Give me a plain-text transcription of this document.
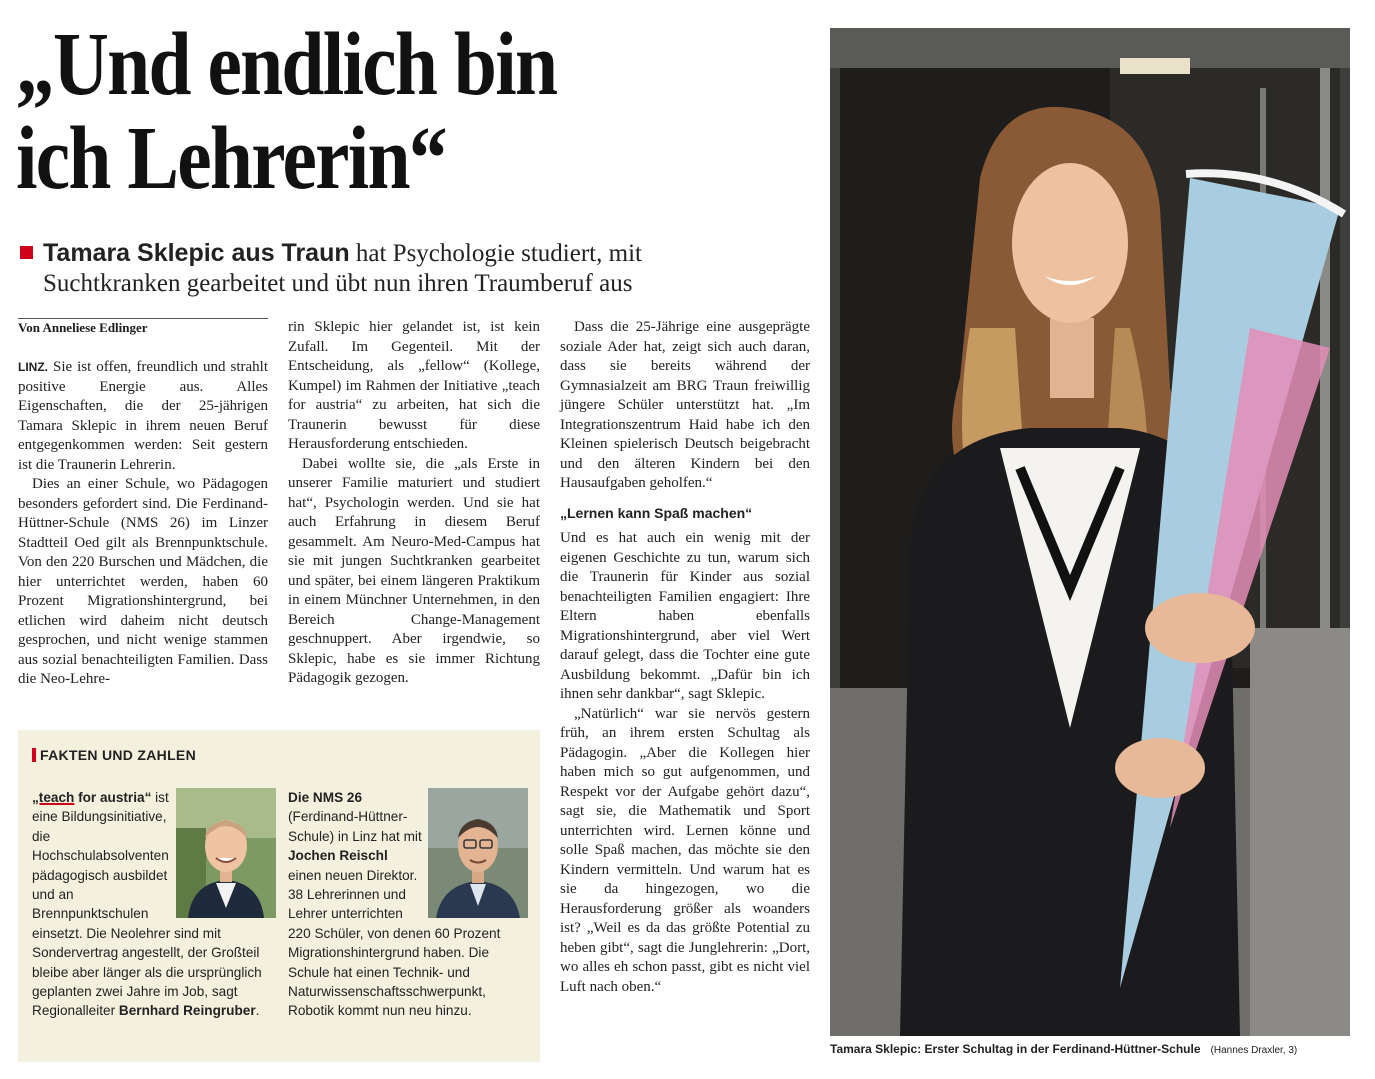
„Und endlich bin
ich Lehrerin“
Tamara Sklepic aus Traun hat Psychologie studiert, mit
Suchtkranken gearbeitet und übt nun ihren Traumberuf aus
Von Anneliese Edlinger

LINZ. Sie ist offen, freundlich und strahlt positive Energie aus. Alles Eigenschaften, die der 25-jährigen Tamara Sklepic in ihrem neuen Beruf entgegenkommen werden: Seit gestern ist die Traunerin Lehrerin.

Dies an einer Schule, wo Pädagogen besonders gefordert sind. Die Ferdinand-Hüttner-Schule (NMS 26) im Linzer Stadtteil Oed gilt als Brennpunktschule. Von den 220 Burschen und Mädchen, die hier unterrichtet werden, haben 60 Prozent Migrationshintergrund, bei etlichen wird daheim nicht deutsch gesprochen, und nicht wenige stammen aus sozial benachteiligten Familien. Dass die Neo-Lehre-

rin Sklepic hier gelandet ist, ist kein Zufall. Im Gegenteil. Mit der Entscheidung, als „fellow“ (Kollege, Kumpel) im Rahmen der Initiative „teach for austria“ zu arbeiten, hat sich die Traunerin bewusst für diese Herausforderung entschieden.

Dabei wollte sie, die „als Erste in unserer Familie maturiert und studiert hat“, Psychologin werden. Und sie hat auch Erfahrung in diesem Beruf gesammelt. Am Neuro-Med-Campus hat sie mit jungen Suchtkranken gearbeitet und später, bei einem längeren Praktikum in einem Münchner Unternehmen, in den Bereich Change-Management geschnuppert. Aber irgendwie, so Sklepic, habe es sie immer Richtung Pädagogik gezogen.

Dass die 25-Jährige eine ausgeprägte soziale Ader hat, zeigt sich auch daran, dass sie bereits während der Gymnasialzeit am BRG Traun freiwillig jüngere Schüler unterstützt hat. „Im Integrationszentrum Haid habe ich den Kleinen spielerisch Deutsch beigebracht und den älteren Kindern bei den Hausaufgaben geholfen.“

„Lernen kann Spaß machen“

Und es hat auch ein wenig mit der eigenen Geschichte zu tun, warum sich die Traunerin für Kinder aus sozial benachteiligten Familien engagiert: Ihre Eltern haben ebenfalls Migrationshintergrund, aber viel Wert darauf gelegt, dass die Tochter eine gute Ausbildung bekommt. „Dafür bin ich ihnen sehr dankbar“, sagt Sklepic.

„Natürlich“ war sie nervös gestern früh, an ihrem ersten Schultag als Pädagogin. „Aber die Kollegen hier haben mich so gut aufgenommen, und Respekt vor der Aufgabe gehört dazu“, sagt sie, die Mathematik und Sport unterrichten wird. Lernen könne und solle Spaß machen, das möchte sie den Kindern vermitteln. Und warum hat es sie da hingezogen, wo die Herausforderung größer als woanders ist? „Weil es da das größte Potential zu heben gibt“, sagt die Junglehrerin: „Dort, wo alles eh schon passt, gibt es nicht viel Luft nach oben.“

FAKTEN UND ZAHLEN
„teach for austria“ ist eine Bildungsinitiative, die Hochschulabsolventen pädagogisch ausbildet und an Brennpunktschulen einsetzt. Die Neolehrer sind mit Sondervertrag angestellt, der Großteil bleibe aber länger als die ursprünglich geplanten zwei Jahre im Job, sagt Regionalleiter Bernhard Reingruber.
Die NMS 26 (Ferdinand-Hüttner-Schule) in Linz hat mit Jochen Reischl einen neuen Direktor. 38 Lehrerinnen und Lehrer unterrichten 220 Schüler, von denen 60 Prozent Migrationshintergrund haben. Die Schule hat einen Technik- und Naturwissenschaftsschwerpunkt, Robotik kommt nun neu hinzu.
Tamara Sklepic: Erster Schultag in der Ferdinand-Hüttner-Schule (Hannes Draxler, 3)
